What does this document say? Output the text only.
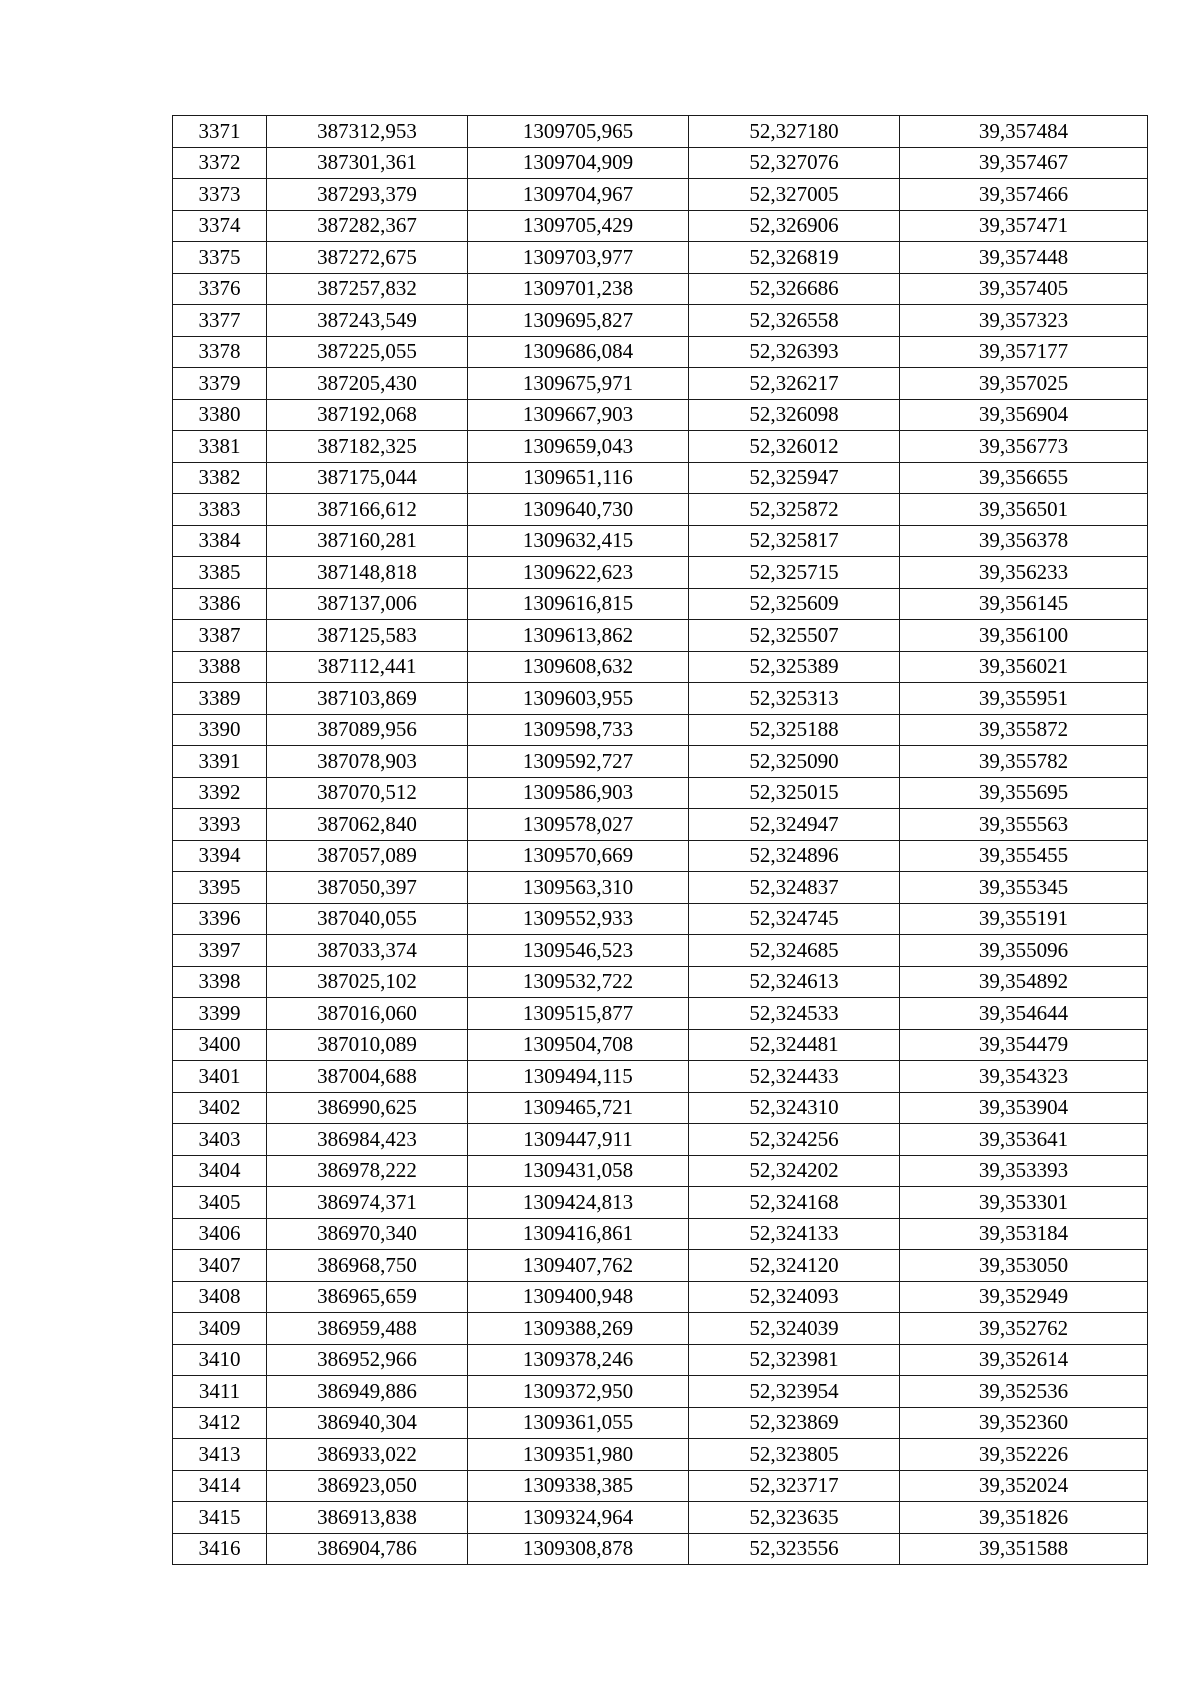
3371	387312,953	1309705,965	52,327180	39,357484
3372	387301,361	1309704,909	52,327076	39,357467
3373	387293,379	1309704,967	52,327005	39,357466
3374	387282,367	1309705,429	52,326906	39,357471
3375	387272,675	1309703,977	52,326819	39,357448
3376	387257,832	1309701,238	52,326686	39,357405
3377	387243,549	1309695,827	52,326558	39,357323
3378	387225,055	1309686,084	52,326393	39,357177
3379	387205,430	1309675,971	52,326217	39,357025
3380	387192,068	1309667,903	52,326098	39,356904
3381	387182,325	1309659,043	52,326012	39,356773
3382	387175,044	1309651,116	52,325947	39,356655
3383	387166,612	1309640,730	52,325872	39,356501
3384	387160,281	1309632,415	52,325817	39,356378
3385	387148,818	1309622,623	52,325715	39,356233
3386	387137,006	1309616,815	52,325609	39,356145
3387	387125,583	1309613,862	52,325507	39,356100
3388	387112,441	1309608,632	52,325389	39,356021
3389	387103,869	1309603,955	52,325313	39,355951
3390	387089,956	1309598,733	52,325188	39,355872
3391	387078,903	1309592,727	52,325090	39,355782
3392	387070,512	1309586,903	52,325015	39,355695
3393	387062,840	1309578,027	52,324947	39,355563
3394	387057,089	1309570,669	52,324896	39,355455
3395	387050,397	1309563,310	52,324837	39,355345
3396	387040,055	1309552,933	52,324745	39,355191
3397	387033,374	1309546,523	52,324685	39,355096
3398	387025,102	1309532,722	52,324613	39,354892
3399	387016,060	1309515,877	52,324533	39,354644
3400	387010,089	1309504,708	52,324481	39,354479
3401	387004,688	1309494,115	52,324433	39,354323
3402	386990,625	1309465,721	52,324310	39,353904
3403	386984,423	1309447,911	52,324256	39,353641
3404	386978,222	1309431,058	52,324202	39,353393
3405	386974,371	1309424,813	52,324168	39,353301
3406	386970,340	1309416,861	52,324133	39,353184
3407	386968,750	1309407,762	52,324120	39,353050
3408	386965,659	1309400,948	52,324093	39,352949
3409	386959,488	1309388,269	52,324039	39,352762
3410	386952,966	1309378,246	52,323981	39,352614
3411	386949,886	1309372,950	52,323954	39,352536
3412	386940,304	1309361,055	52,323869	39,352360
3413	386933,022	1309351,980	52,323805	39,352226
3414	386923,050	1309338,385	52,323717	39,352024
3415	386913,838	1309324,964	52,323635	39,351826
3416	386904,786	1309308,878	52,323556	39,351588
